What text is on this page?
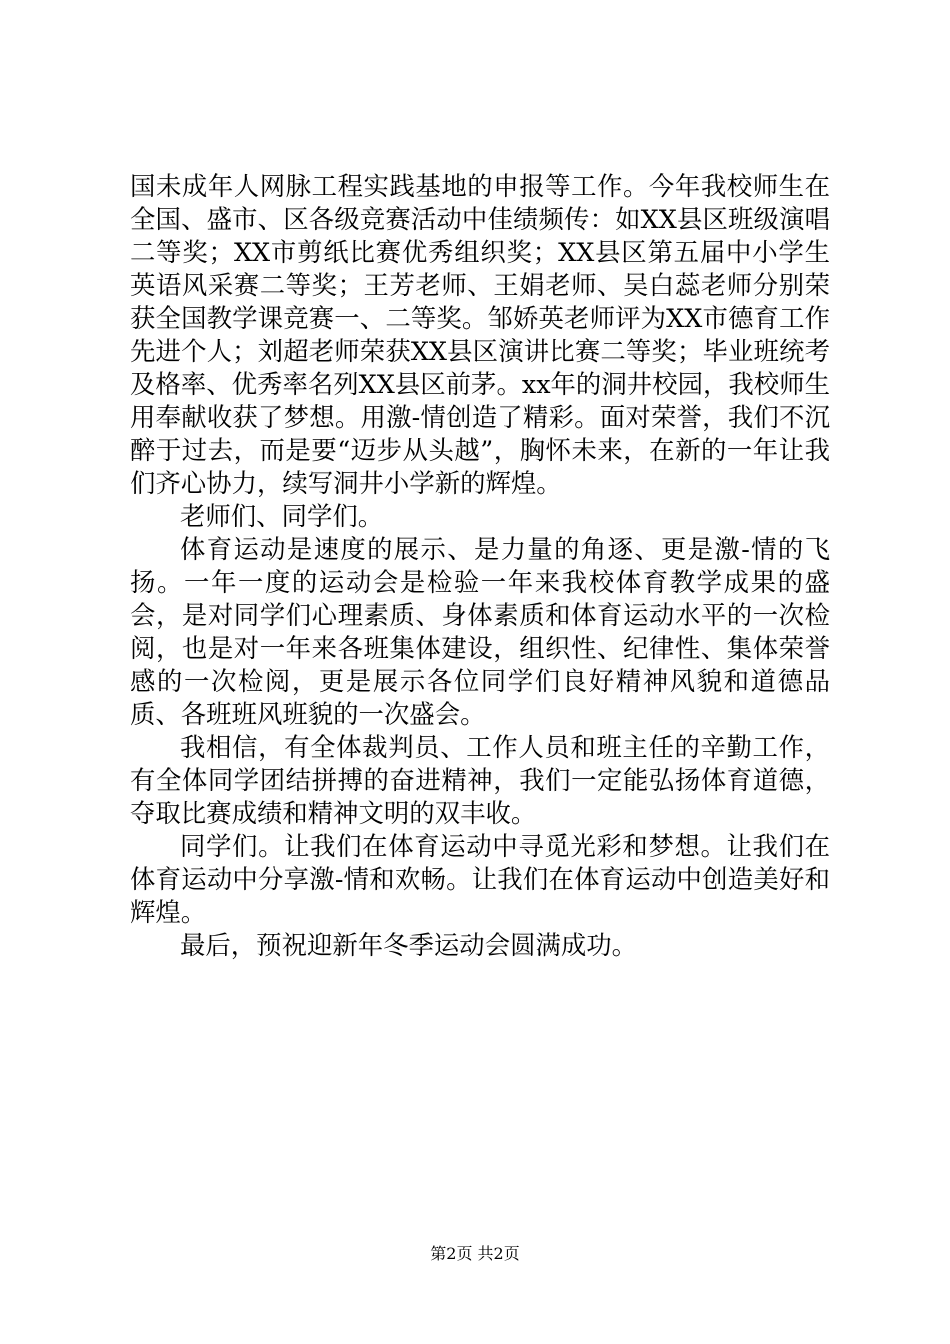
国未成年人网脉工程实践基地的申报等工作。今年我校师生在全国、盛市、区各级竞赛活动中佳绩频传：如XX县区班级演唱二等奖；XX市剪纸比赛优秀组织奖；XX县区第五届中小学生英语风采赛二等奖；王芳老师、王娟老师、吴白蕊老师分别荣获全国教学课竞赛一、二等奖。邹娇英老师评为XX市德育工作先进个人；刘超老师荣获XX县区演讲比赛二等奖；毕业班统考及格率、优秀率名列XX县区前茅。xx年的洞井校园，我校师生用奉献收获了梦想。用激-情创造了精彩。面对荣誉，我们不沉醉于过去，而是要“迈步从头越”，胸怀未来，在新的一年让我们齐心协力，续写洞井小学新的辉煌。

老师们、同学们。

体育运动是速度的展示、是力量的角逐、更是激-情的飞扬。一年一度的运动会是检验一年来我校体育教学成果的盛会，是对同学们心理素质、身体素质和体育运动水平的一次检阅，也是对一年来各班集体建设，组织性、纪律性、集体荣誉感的一次检阅，更是展示各位同学们良好精神风貌和道德品质、各班班风班貌的一次盛会。

我相信，有全体裁判员、工作人员和班主任的辛勤工作，有全体同学团结拼搏的奋进精神，我们一定能弘扬体育道德，夺取比赛成绩和精神文明的双丰收。

同学们。让我们在体育运动中寻觅光彩和梦想。让我们在体育运动中分享激-情和欢畅。让我们在体育运动中创造美好和辉煌。

最后，预祝迎新年冬季运动会圆满成功。

第2页 共2页
